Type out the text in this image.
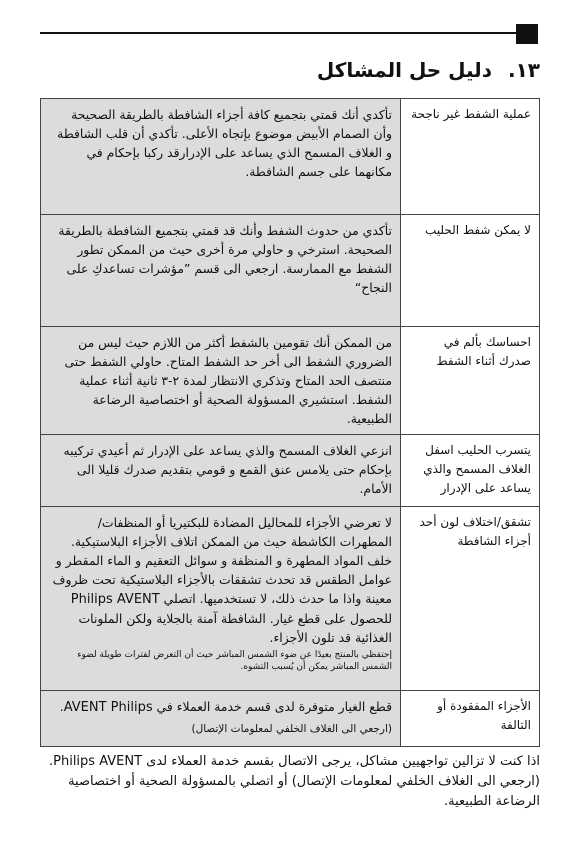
١٣.دليل حل المشاكل
عملية الشفط غير ناجحة	تأكدي أنك قمتي بتجميع كافة أجزاء الشافطة بالطريقة الصحيحة وأن الصمام الأبيض موضوع بإتجاه الأعلى. تأكدي أن قلب الشافطة و الغلاف المسمح الذي يساعد على الإدرارقد ركبا بإحكام في مكانهما على جسم الشافطة.
لا يمكن شفط الحليب	تأكدي من حدوث الشفط وأنك قد قمتي بتجميع الشافطة بالطريقة الصحيحة. استرخي و حاولي مرة أخرى حيث من الممكن تطور الشفط مع الممارسة. ارجعي الى قسم ”مؤشرات تساعدكِ على النجاح“
احساسك بألم في صدرك أثناء الشفط	من الممكن أنك تقومين بالشفط أكثر من اللازم حيث ليس من الضروري الشفط الى أخر حد الشفط المتاح. حاولي الشفط حتى منتصف الحد المتاح وتذكري الانتظار لمدة ٢-٣ ثانية أثناء عملية الشفط. استشيري المسؤولة الصحية أو اختصاصية الرضاعة الطبيعية.
يتسرب الحليب اسفل الغلاف المسمح والذي يساعد على الإدرار	انزعي الغلاف المسمح والذي يساعد على الإدرار ثم أعيدي تركيبه بإحكام حتى يلامس عنق القمع و قومي بتقديم صدرك قليلا الى الأمام.
تشقق/اختلاف لون أحد أجزاء الشافطة	لا تعرضي الأجزاء للمحاليل المضادة للبكتيريا أو المنظفات/المطهرات الكاشطة حيث من الممكن اتلاف الأجزاء البلاستيكية. خلف المواد المطهرة و المنظفة و سوائل التعقيم و الماء المقطر و عوامل الطقس قد تحدث تشققات بالأجزاء البلاستيكية تحت ظروف معينة واذا ما حدث ذلك، لا تستخدميها. اتصلي Philips AVENT للحصول على قطع غيار. الشافطة آمنة بالجلاية ولكن الملونات الغذائية قد تلون الأجزاء.
إحتفظي بالمنتج بعيدًا عن ضوء الشمس المباشر حيث أن التعرض لفترات طويلة لضوء الشمس المباشر يمكن أن يُسبب التشوه.

الأجزاء المفقودة أو التالفة	قطع الغيار متوفرة لدى قسم خدمة العملاء في AVENT Philips.
(ارجعي الى الغلاف الخلفي لمعلومات الإتصال)

اذا كنت لا تزالين تواجهيين مشاكل، يرجى الاتصال بقسم خدمة العملاء لدى Philips AVENT. (ارجعي الى الغلاف الخلفي لمعلومات الإتصال) أو اتصلي بالمسؤولة الصحية أو اختصاصية الرضاعة الطبيعية.
